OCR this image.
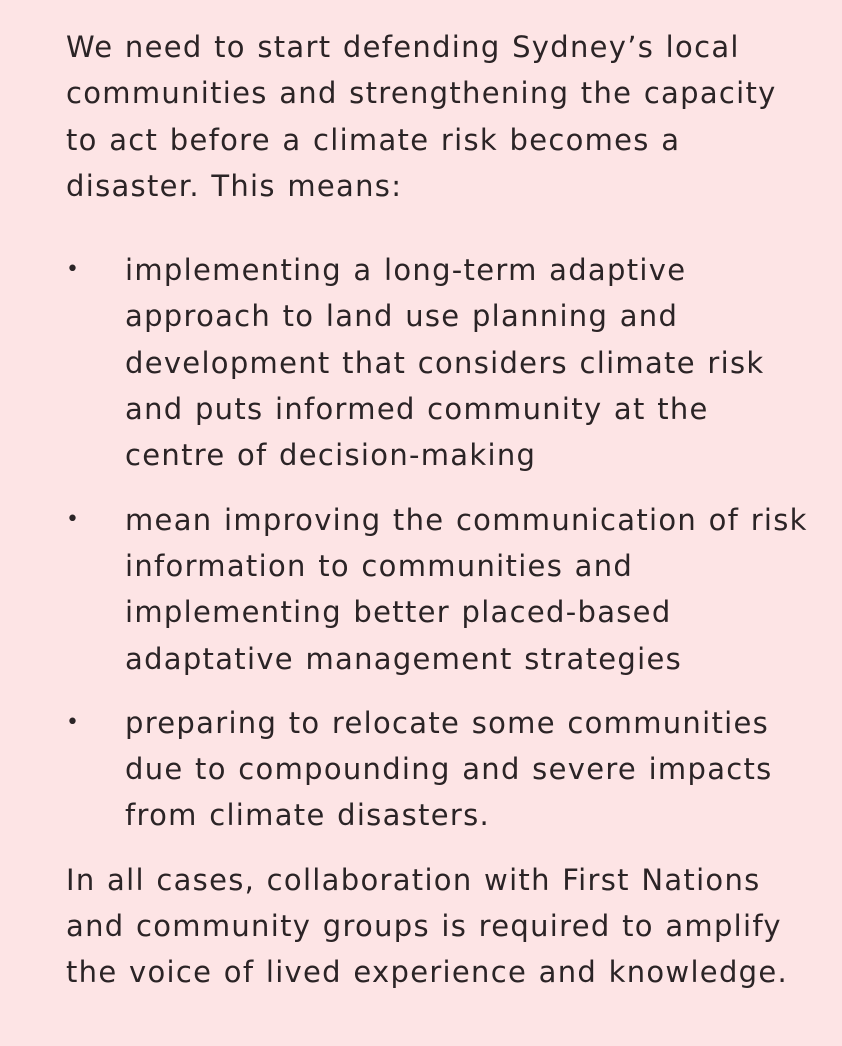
We need to start defending Sydney’s local communities and strengthening the capacity to act before a climate risk becomes a disaster. This means:

• implementing a long-term adaptive approach to land use planning and development that considers climate risk and puts informed community at the centre of decision-making
• mean improving the communication of risk information to communities and implementing better placed-based adaptative management strategies
• preparing to relocate some communities due to compounding and severe impacts from climate disasters.

In all cases, collaboration with First Nations and community groups is required to amplify the voice of lived experience and knowledge.
